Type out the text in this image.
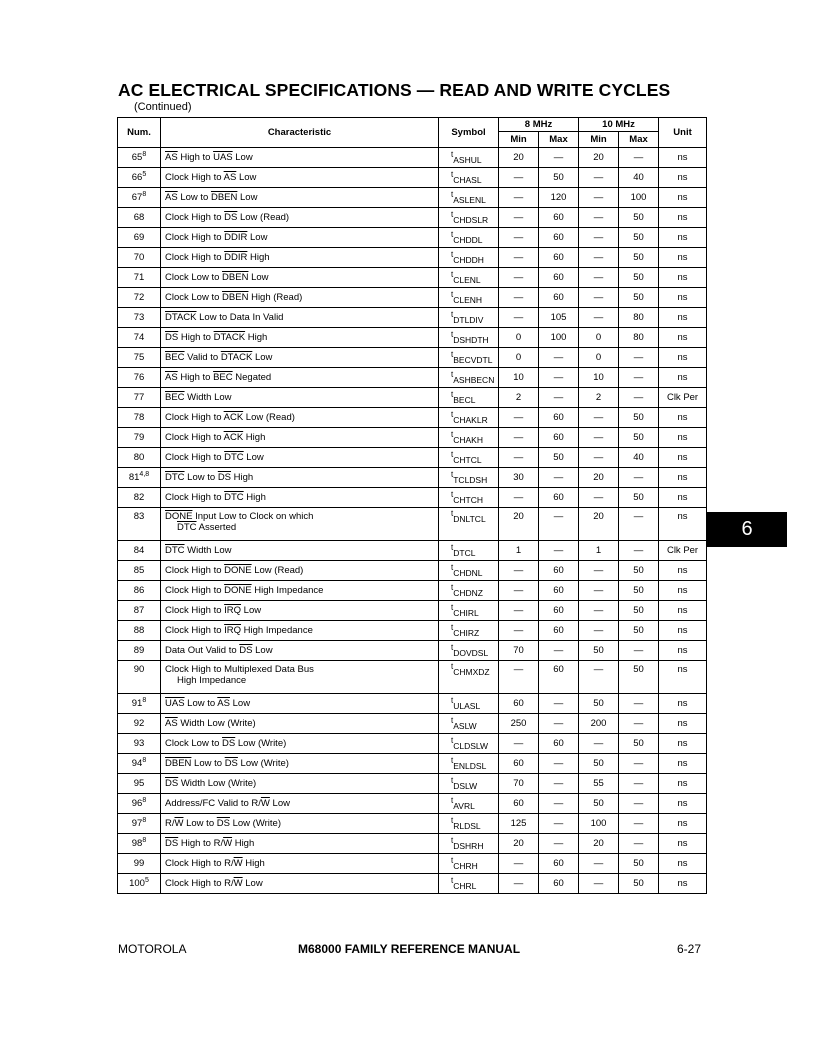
AC ELECTRICAL SPECIFICATIONS — READ AND WRITE CYCLES
(Continued)
Num.	Characteristic	Symbol	8 MHz		10 MHz		Unit
			Min	Max	Min	Max	
$65^8$	$\overline{AS}$ High to $\overline{UAS}$ Low	$^t$ASHUL	20	—	20	—	ns
$66^5$	Clock High to $\overline{AS}$ Low	$^t$CHASL	—	50	—	40	ns
$67^8$	$\overline{AS}$ Low to DBEN Low	$^t$ASLENL	—	120	—	100	ns
68	Clock High to $\overline{DS}$ Low (Read)	$^t$CHDSLR	—	60	—	50	ns
69	Clock High to DDIR Low	$^t$CHDDL	—	60	—	50	ns
70	Clock High to DDIR High	$^t$CHDDH	—	60	—	50	ns
71	Clock Low to DBEN Low	$^t$CLENL	—	60	—	50	ns
72	Clock Low to DBEN High (Read)	$^t$CLENH	—	60	—	50	ns
73	DTACK Low to Data In Valid	$^t$DTLDIV	—	105	—	80	ns
74	$\overline{DS}$ High to DTACK High	$^t$DSHDTH	0	100	0	80	ns
75	$\overline{BEC}$ Valid to DTACK Low	$^t$BECVDTL	0	—	0	—	ns
76	$\overline{AS}$ High to $\overline{BEC}$ Negated	$^t$ASHBECN	10	—	10	—	ns
77	$\overline{BEC}$ Width Low	$^t$BECL	2	—	2	—	Clk Per
78	Clock High to $\overline{ACK}$ Low (Read)	$^t$CHAKLR	—	60	—	50	ns
79	Clock High to $\overline{ACK}$ High	$^t$CHAKH	—	60	—	50	ns
80	Clock High to $\overline{DTC}$ Low	$^t$CHTCL	—	50	—	40	ns
81$^{4,8}$	$\overline{DTC}$ Low to $\overline{DS}$ High	$^t$TCLDSH	30	—	20	—	ns
82	Clock High to $\overline{DTC}$ High	$^t$CHTCH	—	60	—	50	ns
83	DONE Input Low to Clock on which
$\overline{DTC}$ Asserted	$^t$DNLTCL	20	—	20	—	ns
84	$\overline{DTC}$ Width Low	$^t$DTCL	1	—	1	—	Clk Per
85	Clock High to DONE Low (Read)	$^t$CHDNL	—	60	—	50	ns
86	Clock High to DONE High Impedance	$^t$CHDNZ	—	60	—	50	ns
87	Clock High to $\overline{IRQ}$ Low	$^t$CHIRL	—	60	—	50	ns
88	Clock High to $\overline{IRQ}$ High Impedance	$^t$CHIRZ	—	60	—	50	ns
89	Data Out Valid to $\overline{DS}$ Low	$^t$DOVDSL	70	—	50	—	ns
90	Clock High to Multiplexed Data Bus
High Impedance	$^t$CHMXDZ	—	60	—	50	ns
$91^8$	$\overline{UAS}$ Low to $\overline{AS}$ Low	$^t$ULASL	60	—	50	—	ns
92	$\overline{AS}$ Width Low (Write)	$^t$ASLW	250	—	200	—	ns
93	Clock Low to $\overline{DS}$ Low (Write)	$^t$CLDSLW	—	60	—	50	ns
$94^8$	DBEN Low to $\overline{DS}$ Low (Write)	$^t$ENLDSL	60	—	50	—	ns
95	$\overline{DS}$ Width Low (Write)	$^t$DSLW	70	—	55	—	ns
$96^8$	Address/FC Valid to $R/\overline{W}$ Low	$^t$AVRL	60	—	50	—	ns
$97^8$	$R/\overline{W}$ Low to $\overline{DS}$ Low (Write)	$^t$RLDSL	125	—	100	—	ns
$98^8$	$\overline{DS}$ High to $R/\overline{W}$ High	$^t$DSHRH	20	—	20	—	ns
99	Clock High to $R/\overline{W}$ High	$^t$CHRH	—	60	—	50	ns
$100^5$	Clock High to $R/\overline{W}$ Low	$^t$CHRL	—	60	—	50	ns
6
MOTOROLA	M68000 FAMILY REFERENCE MANUAL	6-27
